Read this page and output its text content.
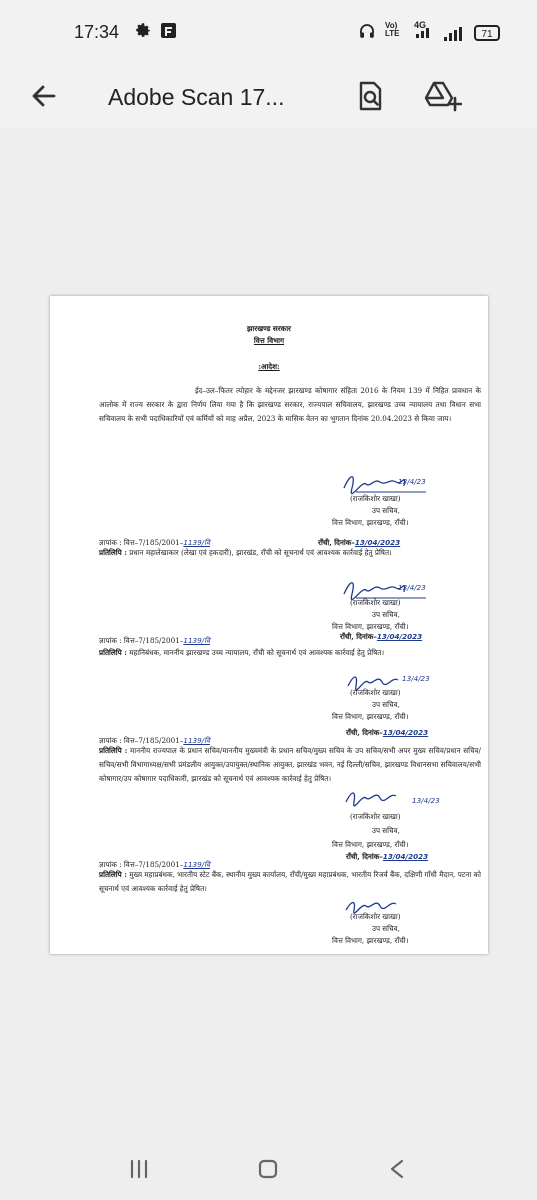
17:34	Vo)
LTE
4G
71
Adobe Scan 17...
झारखण्ड सरकार
वित्त विभाग
:आदेश:
ईद–उल–फितर त्योहार के मद्देनजर झारखण्ड कोषागार संहिता 2016 के नियम 139 में निहित प्रावधान के आलोक में राज्य सरकार के द्वारा निर्णय लिया गया है कि झारखण्ड सरकार, राज्यपाल सचिवालय, झारखण्ड उच्च न्यायालय तथा विधान सभा सचिवालय के सभी पदाधिकारियों एवं कर्मियों को माह अप्रैल, 2023 के मासिक वेतन का भुगतान दिनांक 20.04.2023 से किया जाय।
13/4/23
(राजकिशोर खाखा)
उप सचिव,
वित्त विभाग, झारखण्ड, राँची।
ज्ञापांक : वित्त–7/185/2001–1139/वि	राँची, दिनांक–13/04/2023
प्रतिलिपि : प्रधान महालेखाकार (लेखा एवं हकदारी), झारखंड, राँची को सूचनार्थ एवं आवश्यक कार्रवाई हेतु प्रेषित।
13/4/23
(राजकिशोर खाखा)
उप सचिव,
वित्त विभाग, झारखण्ड, राँची।
ज्ञापांक : वित्त–7/185/2001–1139/वि	राँची, दिनांक–13/04/2023
प्रतिलिपि : महानिबंधक, माननीय झारखण्ड उच्च न्यायालय, राँची को सूचनार्थ एवं आवश्यक कार्रवाई हेतु प्रेषित।
13/4/23
(राजकिशोर खाखा)
उप सचिव,
वित्त विभाग, झारखण्ड, राँची।
ज्ञापांक : वित्त–7/185/2001–1139/वि
राँची, दिनांक–13/04/2023
प्रतिलिपि : माननीय राज्यपाल के प्रधान सचिव/माननीय मुख्यमंत्री के प्रधान सचिव/मुख्य सचिव के उप सचिव/सभी अपर मुख्य सचिव/प्रधान सचिव/सचिव/सभी विभागाध्यक्ष/सभी प्रमंडलीय आयुक्त/उपायुक्त/स्थानिक आयुक्त, झारखंड भवन, नई दिल्ली/सचिव, झारखण्ड विधानसभा सचिवालय/सभी कोषागार/उप कोषागार पदाधिकारी, झारखंड को सूचनार्थ एवं आवश्यक कार्रवाई हेतु प्रेषित।
13/4/23
(राजकिशोर खाखा)
उप सचिव,
वित्त विभाग, झारखण्ड, राँची।
ज्ञापांक : वित्त–7/185/2001–1139/वि
राँची, दिनांक–13/04/2023
प्रतिलिपि : मुख्य महाप्रबंधक, भारतीय स्टेट बैंक, स्थानीय मुख्य कार्यालय, राँची/मुख्य महाप्रबंधक, भारतीय रिजर्व बैंक, दक्षिणी गाँधी मैदान, पटना को सूचनार्थ एवं आवश्यक कार्रवाई हेतु प्रेषित।
(राजकिशोर खाखा)
उप सचिव,
वित्त विभाग, झारखण्ड, राँची।
